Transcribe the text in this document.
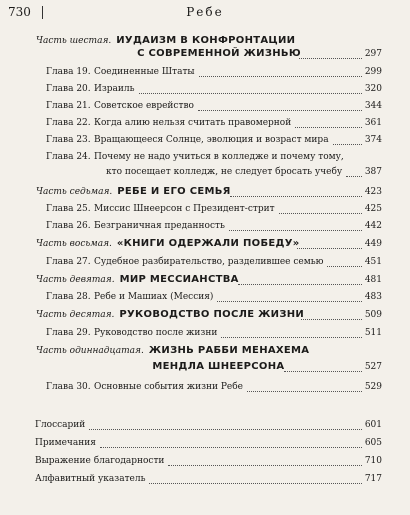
730	Ребе
Часть шестая. ИУДАИЗМ В КОНФРОНТАЦИИ
С СОВРЕМЕННОЙ ЖИЗНЬЮ	297
Глава 19. Соединенные Штаты	299
Глава 20. Израиль	320
Глава 21. Советское еврейство	344
Глава 22. Когда алию нельзя считать правомерной	361
Глава 23. Вращающееся Солнце, эволюция и возраст мира	374
Глава 24. Почему не надо учиться в колледже и почему тому,
кто посещает колледж, не следует бросать учебу	387
Часть седьмая. РЕБЕ И ЕГО СЕМЬЯ	423
Глава 25. Миссис Шнеерсон с Президент-стрит	425
Глава 26. Безграничная преданность	442
Часть восьмая. «КНИГИ ОДЕРЖАЛИ ПОБЕДУ»	449
Глава 27. Судебное разбирательство, разделившее семью	451
Часть девятая. МИР МЕССИАНСТВА	481
Глава 28. Ребе и Машиах (Мессия)	483
Часть десятая. РУКОВОДСТВО ПОСЛЕ ЖИЗНИ	509
Глава 29. Руководство после жизни	511
Часть одиннадцатая. ЖИЗНЬ РАББИ МЕНАХЕМА
МЕНДЛА ШНЕЕРСОНА	527
Глава 30. Основные события жизни Ребе	529
Глоссарий	601
Примечания	605
Выражение благодарности	710
Алфавитный указатель	717
